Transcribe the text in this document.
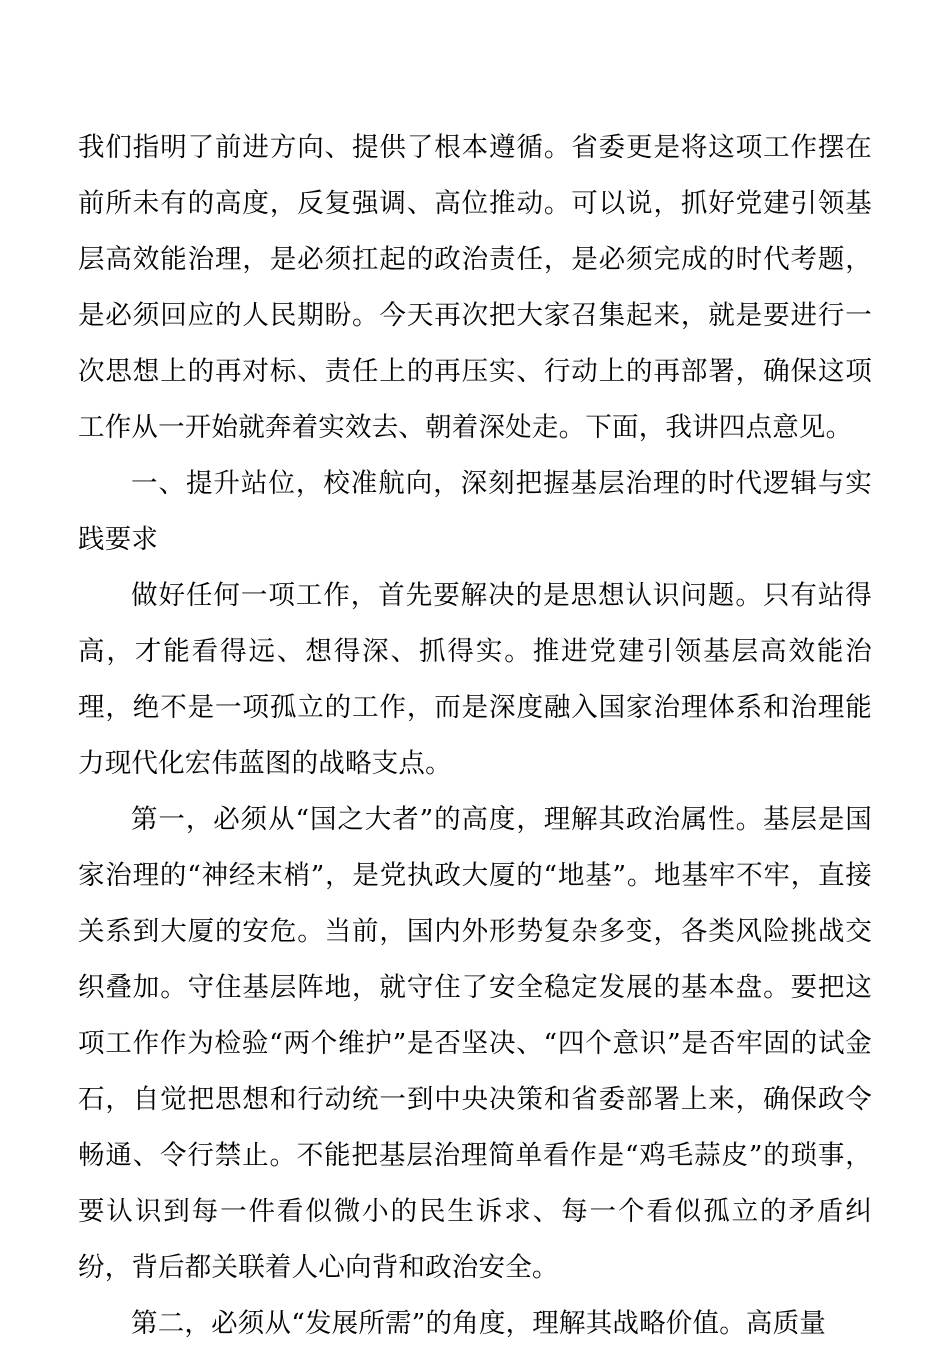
我们指明了前进方向、提供了根本遵循。省委更是将这项工作摆在前所未有的高度，反复强调、高位推动。可以说，抓好党建引领基层高效能治理，是必须扛起的政治责任，是必须完成的时代考题，是必须回应的人民期盼。今天再次把大家召集起来，就是要进行一次思想上的再对标、责任上的再压实、行动上的再部署，确保这项工作从一开始就奔着实效去、朝着深处走。下面，我讲四点意见。

一、提升站位，校准航向，深刻把握基层治理的时代逻辑与实践要求

做好任何一项工作，首先要解决的是思想认识问题。只有站得高，才能看得远、想得深、抓得实。推进党建引领基层高效能治理，绝不是一项孤立的工作，而是深度融入国家治理体系和治理能力现代化宏伟蓝图的战略支点。

第一，必须从“国之大者”的高度，理解其政治属性。基层是国家治理的“神经末梢”，是党执政大厦的“地基”。地基牢不牢，直接关系到大厦的安危。当前，国内外形势复杂多变，各类风险挑战交织叠加。守住基层阵地，就守住了安全稳定发展的基本盘。要把这项工作作为检验“两个维护”是否坚决、“四个意识”是否牢固的试金石，自觉把思想和行动统一到中央决策和省委部署上来，确保政令畅通、令行禁止。不能把基层治理简单看作是“鸡毛蒜皮”的琐事，要认识到每一件看似微小的民生诉求、每一个看似孤立的矛盾纠纷，背后都关联着人心向背和政治安全。

第二，必须从“发展所需”的角度，理解其战略价值。高质量
